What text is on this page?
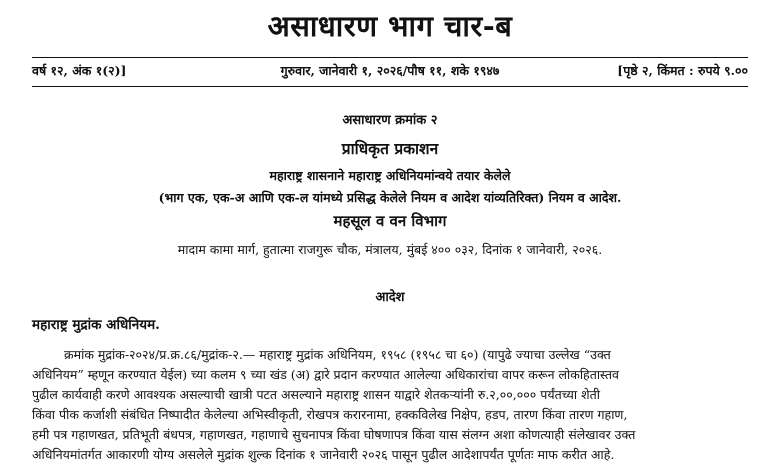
असाधारण भाग चार-ब
गुरुवार, जानेवारी १, २०२६/पौष ११, शके १९४७
वर्ष १२, अंक १(२)]	[पृष्ठे २, किंमत : रुपये ९.००
असाधारण क्रमांक २
प्राधिकृत प्रकाशन
महाराष्ट्र शासनाने महाराष्ट्र अधिनियमांन्वये तयार केलेले
(भाग एक, एक-अ आणि एक-ल यांमध्ये प्रसिद्ध केलेले नियम व आदेश यांव्यतिरिक्त) नियम व आदेश.
महसूल व वन विभाग
मादाम कामा मार्ग, हुतात्मा राजगुरू चौक, मंत्रालय, मुंबई ४०० ०३२, दिनांक १ जानेवारी, २०२६.
आदेश
महाराष्ट्र मुद्रांक अधिनियम.
क्रमांक मुद्रांक-२०२४/प्र.क्र.८६/मुद्रांक-२.— महाराष्ट्र मुद्रांक अधिनियम, १९५८ (१९५८ चा ६०) (यापुढे ज्याचा उल्लेख “उक्त
अधिनियम” म्हणून करण्यात येईल) च्या कलम ९ च्या खंड (अ) द्वारे प्रदान करण्यात आलेल्या अधिकारांचा वापर करून लोकहितास्तव
पुढील कार्यवाही करणे आवश्यक असल्याची खात्री पटत असल्याने महाराष्ट्र शासन याद्वारे शेतकऱ्यांनी रु.२,००,००० पर्यंतच्या शेती
किंवा पीक कर्जाशी संबंधित निष्पादीत केलेल्या अभिस्वीकृती, रोखपत्र करारनामा, हक्कविलेख निक्षेप, हडप, तारण किंवा तारण गहाण,
हमी पत्र गहाणखत, प्रतिभूती बंधपत्र, गहाणखत, गहाणाचे सुचनापत्र किंवा घोषणापत्र किंवा यास संलग्न अशा कोणत्याही संलेखावर उक्त
अधिनियमांतर्गत आकारणी योग्य असलेले मुद्रांक शुल्क दिनांक १ जानेवारी २०२६ पासून पुढील आदेशापर्यंत पूर्णतः माफ करीत आहे.
